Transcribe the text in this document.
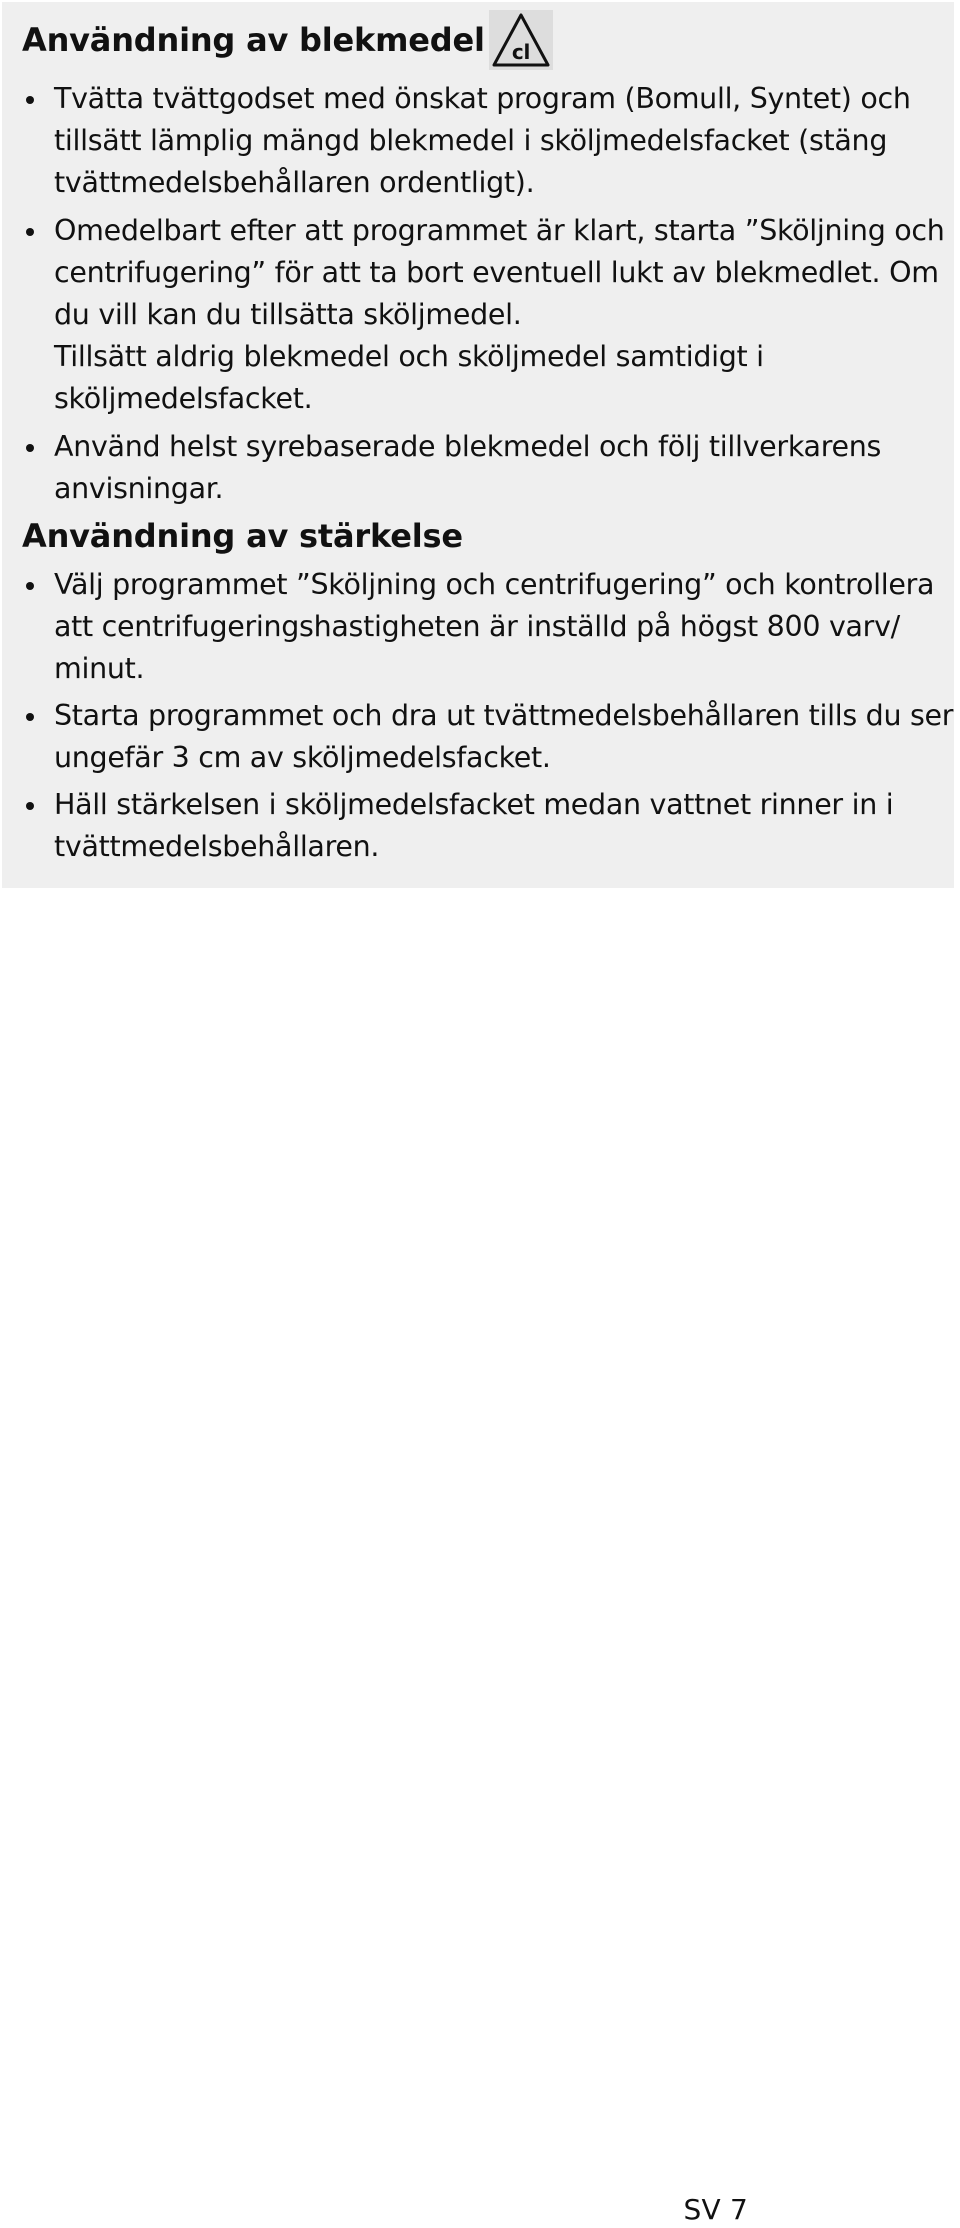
Användning av blekmedel cl
Tvätta tvättgodset med önskat program (Bomull, Syntet) och
tillsätt lämplig mängd blekmedel i sköljmedelsfacket (stäng
tvättmedelsbehållaren ordentligt).
Omedelbart efter att programmet är klart, starta ”Sköljning och
centrifugering” för att ta bort eventuell lukt av blekmedlet. Om
du vill kan du tillsätta sköljmedel.
Tillsätt aldrig blekmedel och sköljmedel samtidigt i
sköljmedelsfacket.
Använd helst syrebaserade blekmedel och följ tillverkarens
anvisningar.
Användning av stärkelse
Välj programmet ”Sköljning och centrifugering” och kontrollera
att centrifugeringshastigheten är inställd på högst 800 varv/
minut.
Starta programmet och dra ut tvättmedelsbehållaren tills du ser
ungefär 3 cm av sköljmedelsfacket.
Häll stärkelsen i sköljmedelsfacket medan vattnet rinner in i
tvättmedelsbehållaren.
SV 7
